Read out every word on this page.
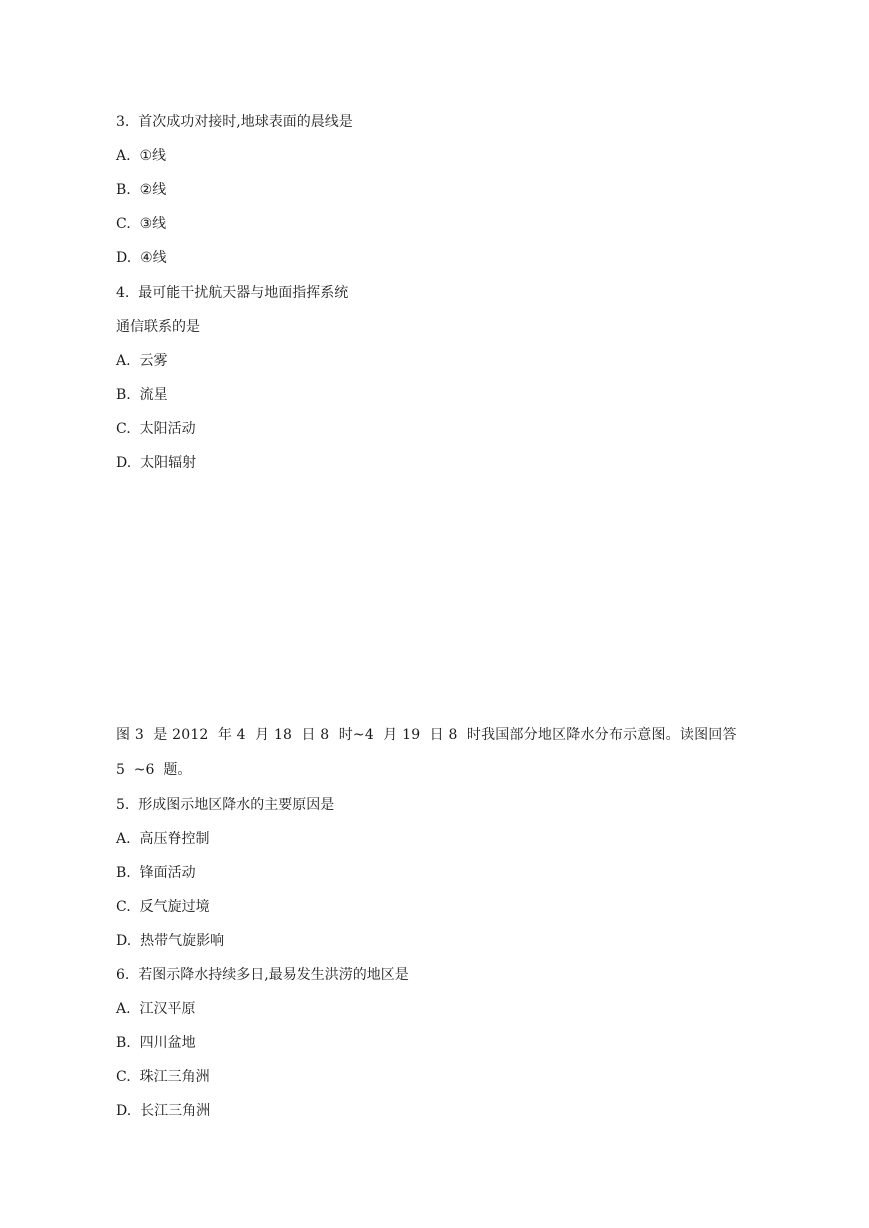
3.  首次成功对接时,地球表面的晨线是
A.  ①线
B.  ②线
C.  ③线
D.  ④线
4.  最可能干扰航天器与地面指挥系统
通信联系的是
A.  云雾
B.  流星
C.  太阳活动
D.  太阳辐射
图 3  是 2012  年 4  月 18  日 8  时~4  月 19  日 8  时我国部分地区降水分布示意图。读图回答
5  ~6  题。
5.  形成图示地区降水的主要原因是
A.  高压脊控制
B.  锋面活动
C.  反气旋过境
D.  热带气旋影响
6.  若图示降水持续多日,最易发生洪涝的地区是
A.  江汉平原
B.  四川盆地
C.  珠江三角洲
D.  长江三角洲
